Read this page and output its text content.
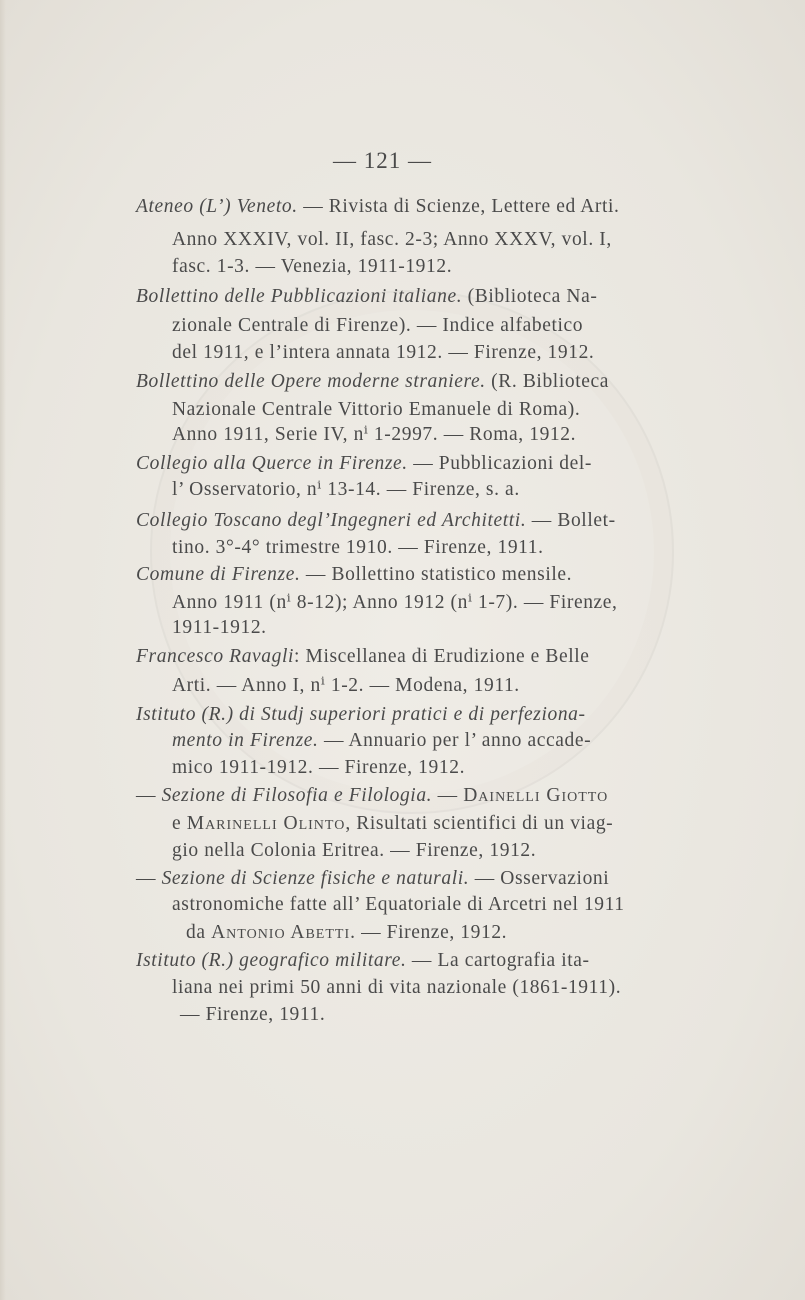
— 121 —
Ateneo (L’) Veneto. — Rivista di Scienze, Lettere ed Arti.
Anno XXXIV, vol. II, fasc. 2-3; Anno XXXV, vol. I,
fasc. 1-3. — Venezia, 1911-1912.
Bollettino delle Pubblicazioni italiane. (Biblioteca Na-
zionale Centrale di Firenze). — Indice alfabetico
del 1911, e l’intera annata 1912. — Firenze, 1912.
Bollettino delle Opere moderne straniere. (R. Biblioteca
Nazionale Centrale Vittorio Emanuele di Roma).
Anno 1911, Serie IV, nⁱ 1-2997. — Roma, 1912.
Collegio alla Querce in Firenze. — Pubblicazioni del-
l’ Osservatorio, nⁱ 13-14. — Firenze, s. a.
Collegio Toscano degl’Ingegneri ed Architetti. — Bollet-
tino. 3°-4° trimestre 1910. — Firenze, 1911.
Comune di Firenze. — Bollettino statistico mensile.
Anno 1911 (nⁱ 8-12); Anno 1912 (nⁱ 1-7). — Firenze,
1911-1912.
Francesco Ravagli: Miscellanea di Erudizione e Belle
Arti. — Anno I, nⁱ 1-2. — Modena, 1911.
Istituto (R.) di Studj superiori pratici e di perfeziona-
mento in Firenze. — Annuario per l’ anno accade-
mico 1911-1912. — Firenze, 1912.
— Sezione di Filosofia e Filologia. — Dainelli Giotto
e Marinelli Olinto, Risultati scientifici di un viag-
gio nella Colonia Eritrea. — Firenze, 1912.
— Sezione di Scienze fisiche e naturali. — Osservazioni
astronomiche fatte all’ Equatoriale di Arcetri nel 1911
da Antonio Abetti. — Firenze, 1912.
Istituto (R.) geografico militare. — La cartografia ita-
liana nei primi 50 anni di vita nazionale (1861-1911).
— Firenze, 1911.
